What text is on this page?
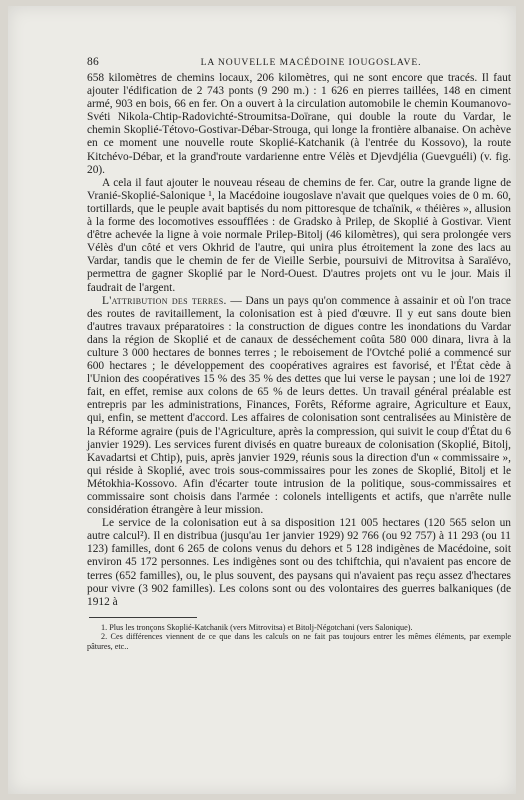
86	LA NOUVELLE MACÉDOINE IOUGOSLAVE.

658 kilomètres de chemins locaux, 206 kilomètres, qui ne sont encore que tracés. Il faut ajouter l'édification de 2 743 ponts (9 290 m.) : 1 626 en pierres taillées, 148 en ciment armé, 903 en bois, 66 en fer. On a ouvert à la circulation automobile le chemin Koumanovo-Svéti Nikola-Chtip-Radovichté-Stroumitsa-Doïrane, qui double la route du Vardar, le chemin Skoplié-Tétovo-Gostivar-Débar-Strouga, qui longe la frontière albanaise. On achève en ce moment une nouvelle route Skoplié-Katchanik (à l'entrée du Kossovo), la route Kitchévo-Débar, et la grand'route vardarienne entre Vélès et Djevdjélia (Guevguéli) (v. fig. 20).

A cela il faut ajouter le nouveau réseau de chemins de fer. Car, outre la grande ligne de Vranié-Skoplié-Salonique ¹, la Macédoine iougoslave n'avait que quelques voies de 0 m. 60, tortillards, que le peuple avait baptisés du nom pittoresque de tchaïnik, « théières », allusion à la forme des locomotives essoufflées : de Gradsko à Prilep, de Skoplié à Gostivar. Vient d'être achevée la ligne à voie normale Prilep-Bitolj (46 kilomètres), qui sera prolongée vers Vélès d'un côté et vers Okhrid de l'autre, qui unira plus étroitement la zone des lacs au Vardar, tandis que le chemin de fer de Vieille Serbie, poursuivi de Mitrovitsa à Saraïévo, permettra de gagner Skoplié par le Nord-Ouest. D'autres projets ont vu le jour. Mais il faudrait de l'argent.

L'attribution des terres. — Dans un pays qu'on commence à assainir et où l'on trace des routes de ravitaillement, la colonisation est à pied d'œuvre. Il y eut sans doute bien d'autres travaux préparatoires : la construction de digues contre les inondations du Vardar dans la région de Skoplié et de canaux de desséchement coûta 580 000 dinara, livra à la culture 3 000 hectares de bonnes terres ; le reboisement de l'Ovtché polié a commencé sur 600 hectares ; le développement des coopératives agraires est favorisé, et l'État cède à l'Union des coopératives 15 % des 35 % des dettes que lui verse le paysan ; une loi de 1927 fait, en effet, remise aux colons de 65 % de leurs dettes. Un travail général préalable est entrepris par les administrations, Finances, Forêts, Réforme agraire, Agriculture et Eaux, qui, enfin, se mettent d'accord. Les affaires de colonisation sont centralisées au Ministère de la Réforme agraire (puis de l'Agriculture, après la compression, qui suivit le coup d'État du 6 janvier 1929). Les services furent divisés en quatre bureaux de colonisation (Skoplié, Bitolj, Kavadartsi et Chtip), puis, après janvier 1929, réunis sous la direction d'un « commissaire », qui réside à Skoplié, avec trois sous-commissaires pour les zones de Skoplié, Bitolj et le Métokhia-Kossovo. Afin d'écarter toute intrusion de la politique, sous-commissaires et commissaire sont choisis dans l'armée : colonels intelligents et actifs, que n'arrête nulle considération étrangère à leur mission.

Le service de la colonisation eut à sa disposition 121 005 hectares (120 565 selon un autre calcul²). Il en distribua (jusqu'au 1er janvier 1929) 92 766 (ou 92 757) à 11 293 (ou 11 123) familles, dont 6 265 de colons venus du dehors et 5 128 indigènes de Macédoine, soit environ 45 172 personnes. Les indigènes sont ou des tchiftchia, qui n'avaient pas encore de terres (652 familles), ou, le plus souvent, des paysans qui n'avaient pas reçu assez d'hectares pour vivre (3 902 familles). Les colons sont ou des volontaires des guerres balkaniques (de 1912 à

1. Plus les tronçons Skoplié-Katchanik (vers Mitrovitsa) et Bitolj-Négotchani (vers Salonique).

2. Ces différences viennent de ce que dans les calculs on ne fait pas toujours entrer les mêmes éléments, par exemple pâtures, etc..
